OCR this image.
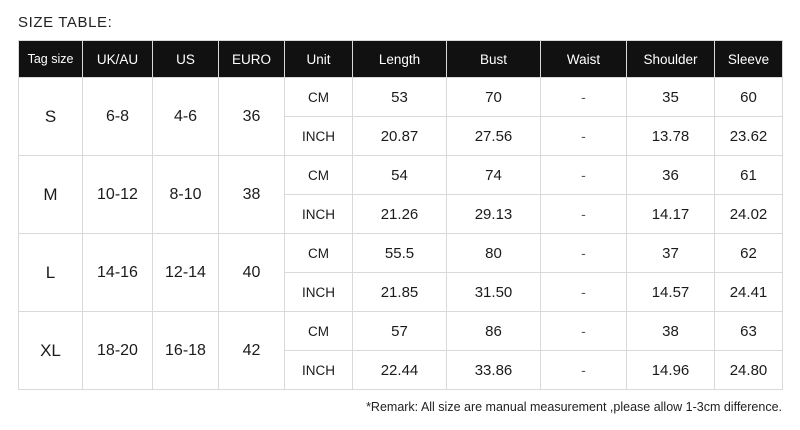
SIZE TABLE:
Tag size	UK/AU	US	EURO	Unit	Length	Bust	Waist	Shoulder	Sleeve
S	6-8	4-6	36	CM	53	70	-	35	60
				INCH	20.87	27.56	-	13.78	23.62
M	10-12	8-10	38	CM	54	74	-	36	61
				INCH	21.26	29.13	-	14.17	24.02
L	14-16	12-14	40	CM	55.5	80	-	37	62
				INCH	21.85	31.50	-	14.57	24.41
XL	18-20	16-18	42	CM	57	86	-	38	63
				INCH	22.44	33.86	-	14.96	24.80
*Remark: All size are manual measurement ,please allow 1-3cm difference.
